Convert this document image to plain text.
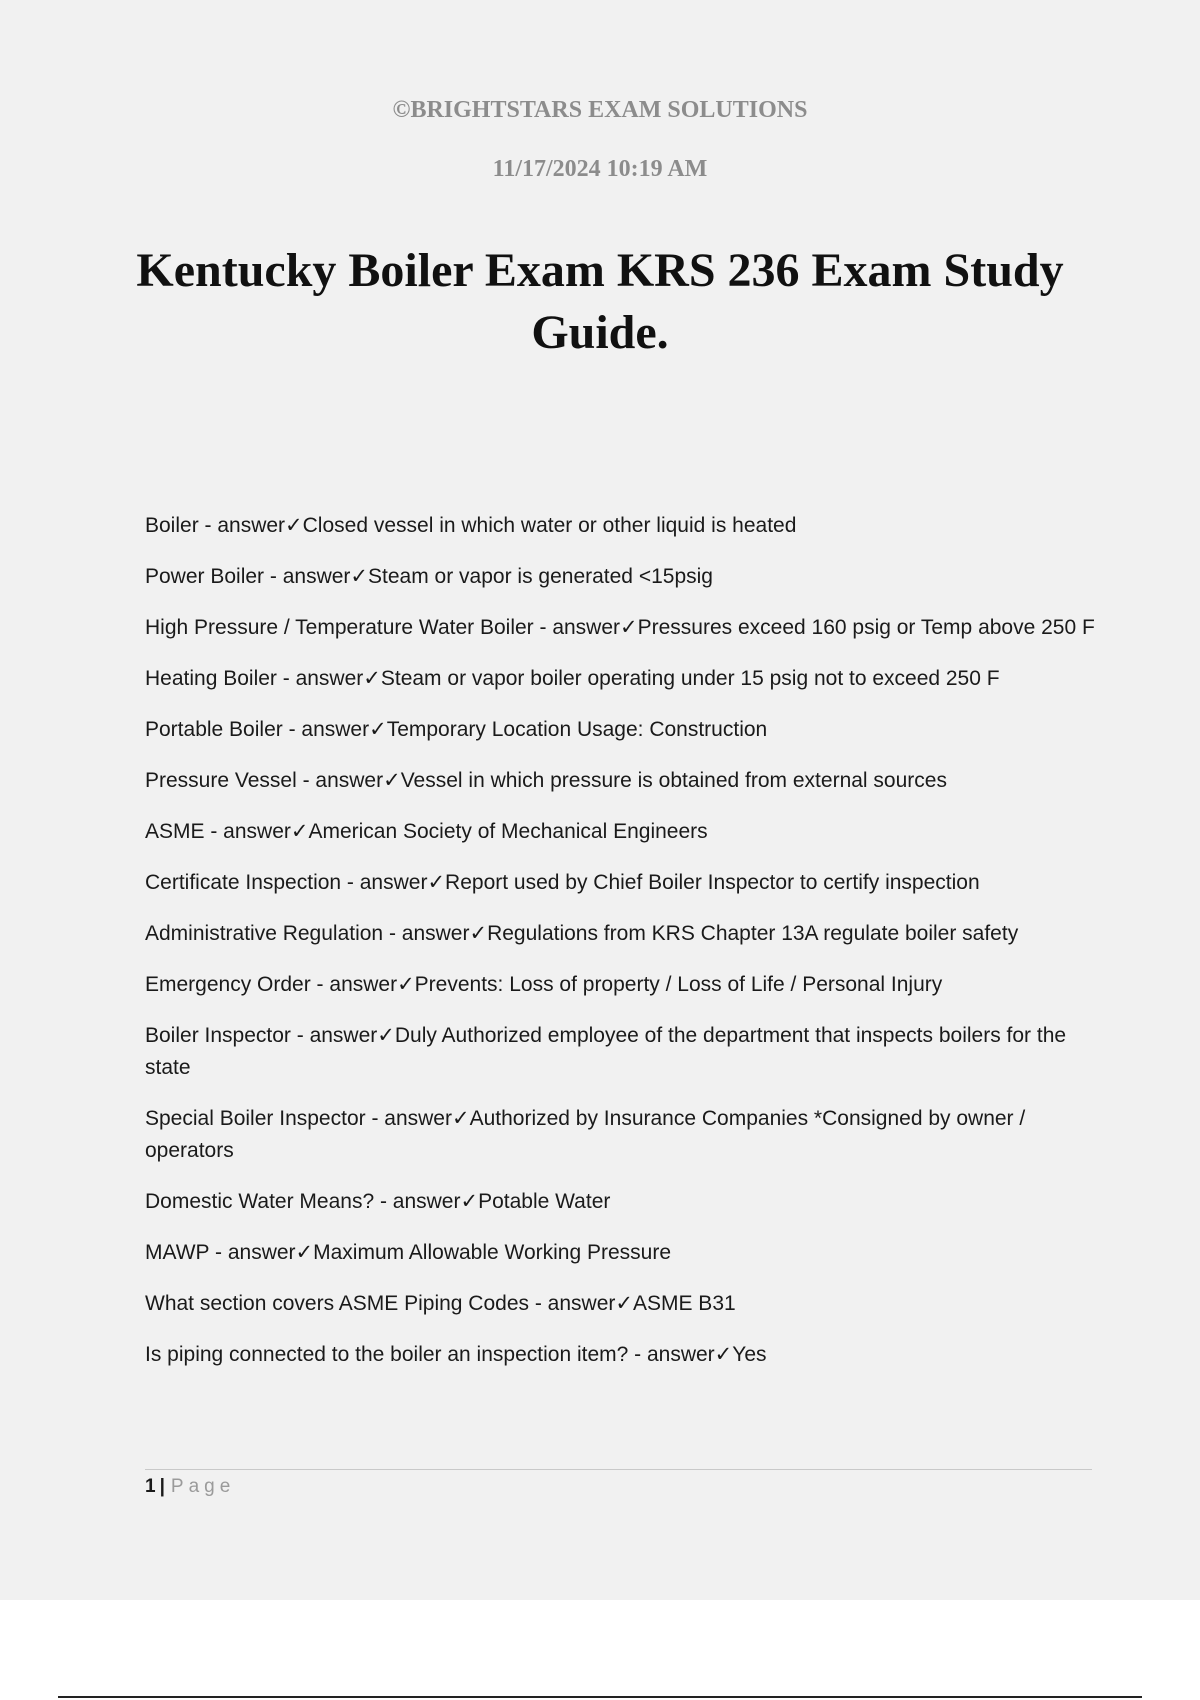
©BRIGHTSTARS EXAM SOLUTIONS
11/17/2024 10:19 AM
Kentucky Boiler Exam KRS 236 Exam Study Guide.
Boiler - answer✓Closed vessel in which water or other liquid is heated
Power Boiler - answer✓Steam or vapor is generated <15psig
High Pressure / Temperature Water Boiler - answer✓Pressures exceed 160 psig or Temp above 250 F
Heating Boiler - answer✓Steam or vapor boiler operating under 15 psig not to exceed 250 F
Portable Boiler - answer✓Temporary Location Usage: Construction
Pressure Vessel - answer✓Vessel in which pressure is obtained from external sources
ASME - answer✓American Society of Mechanical Engineers
Certificate Inspection - answer✓Report used by Chief Boiler Inspector to certify inspection
Administrative Regulation - answer✓Regulations from KRS Chapter 13A regulate boiler safety
Emergency Order - answer✓Prevents: Loss of property / Loss of Life / Personal Injury
Boiler Inspector - answer✓Duly Authorized employee of the department that inspects boilers for the state
Special Boiler Inspector - answer✓Authorized by Insurance Companies *Consigned by owner / operators
Domestic Water Means? - answer✓Potable Water
MAWP - answer✓Maximum Allowable Working Pressure
What section covers ASME Piping Codes - answer✓ASME B31
Is piping connected to the boiler an inspection item? - answer✓Yes
1 | Page
